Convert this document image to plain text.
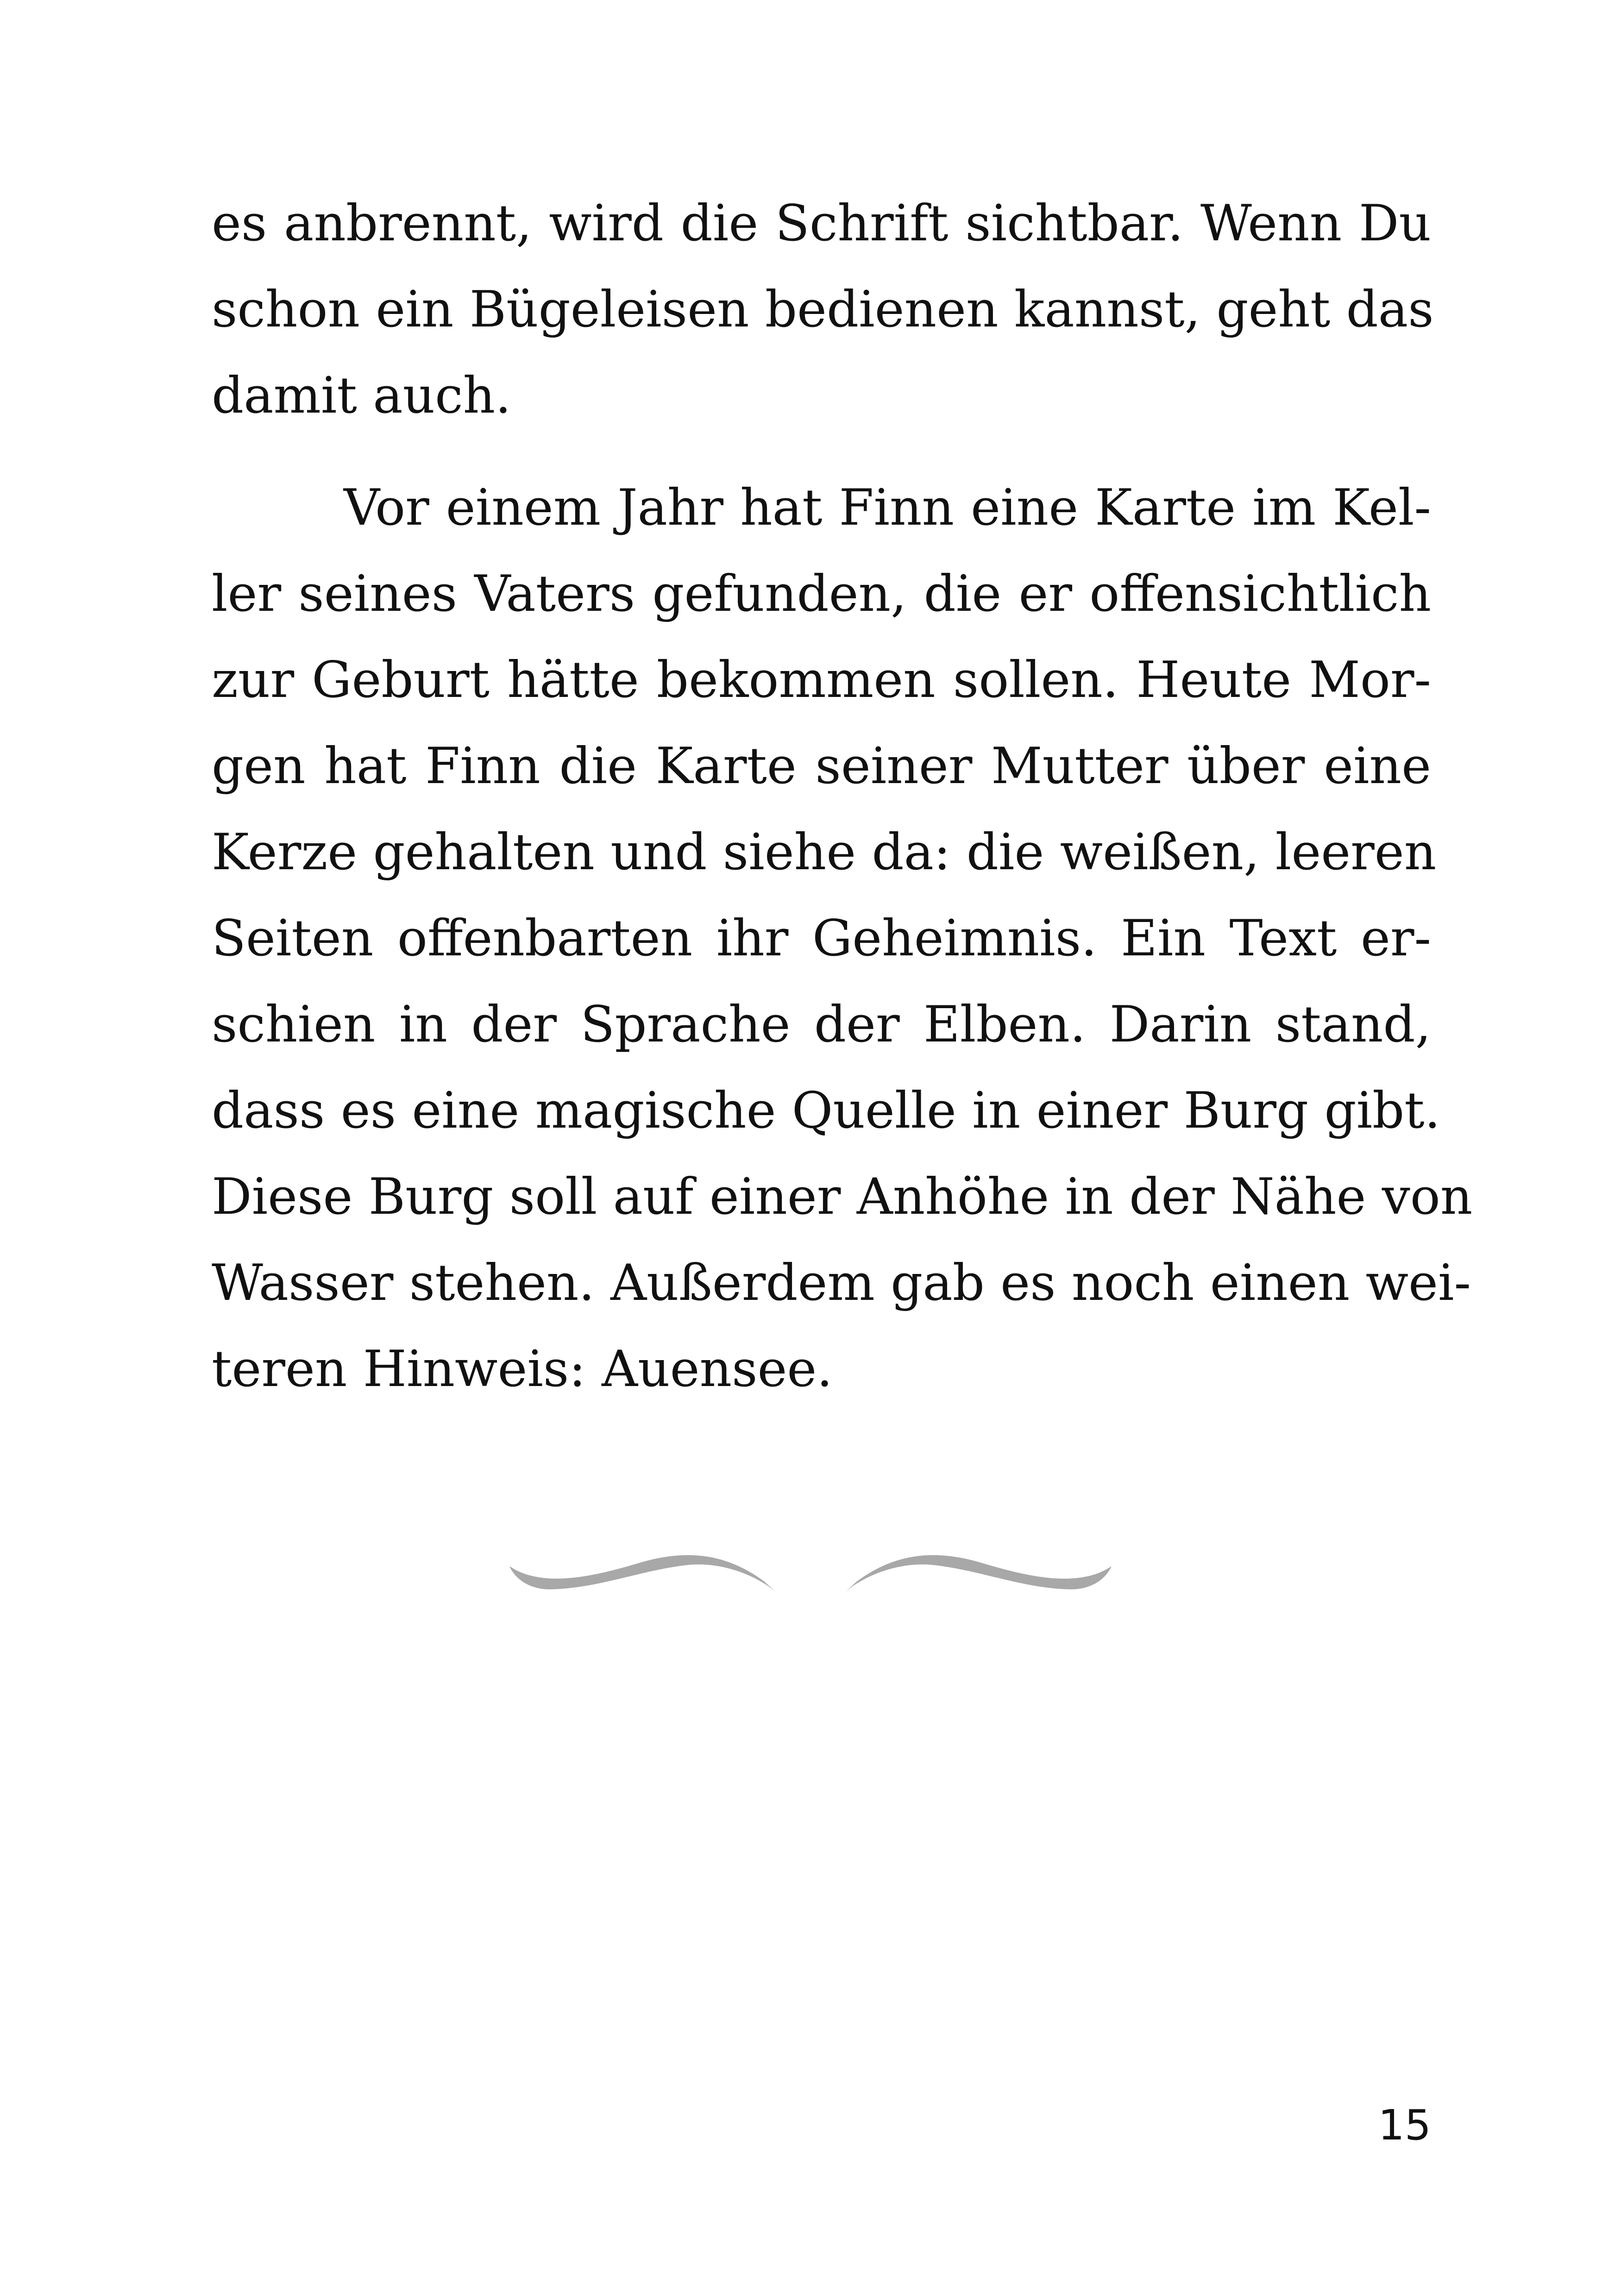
es anbrennt, wird die Schrift sichtbar. Wenn Du
schon ein Bügeleisen bedienen kannst, geht das
damit auch.
Vor einem Jahr hat Finn eine Karte im Kel-
ler seines Vaters gefunden, die er offensichtlich
zur Geburt hätte bekommen sollen. Heute Mor-
gen hat Finn die Karte seiner Mutter über eine
Kerze gehalten und siehe da: die weißen, leeren
Seiten offenbarten ihr Geheimnis. Ein Text er-
schien in der Sprache der Elben. Darin stand,
dass es eine magische Quelle in einer Burg gibt.
Diese Burg soll auf einer Anhöhe in der Nähe von
Wasser stehen. Außerdem gab es noch einen wei-
teren Hinweis: Auensee.
15
